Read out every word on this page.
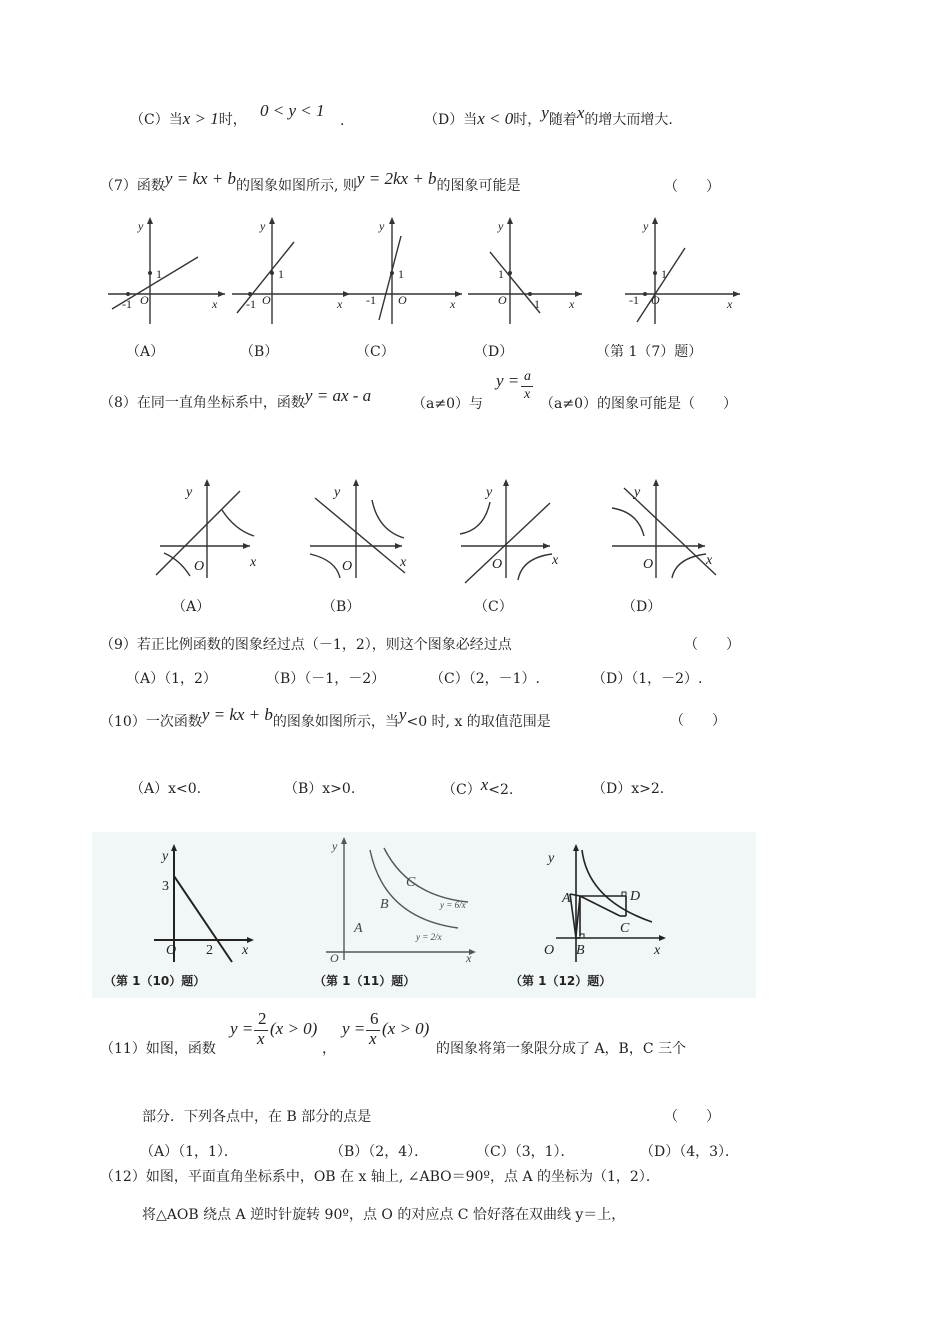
（C）当x > 1时， 0 < y < 1
.	（D）当x < 0时，y随着x的增大而增大.
（7）函数y = kx + b的图象如图所示, 则y = 2kx + b的图象可能是	（　　）
y
x
y
x
y
x
y
x
y
x
1
-1 O
1
-1 O
1
-1 O
1
1
O
1
-1 O
（A）	（B）	（C）	（D）	（第 1（7）题）
（8）在同一直角坐标系中，函数y = ax - a	（a≠0）与
y = a
x
（a≠0）的图象可能是（　　）
y
x
O
y
x
O
y
x
O
y
x
O
（A）	（B）	（C）	（D）
（9）若正比例函数的图象经过点（－1，2），则这个图象必经过点	（　　）
（A）（1，2）	（B）（－1，－2）	（C）（2，－1）.	（D）（1，－2）.
（10）一次函数y = kx + b的图象如图所示，当y<0 时, x 的取值范围是	（　　）
（A）x<0.	（B）x>0.	（C）x<2.	（D）x>2.
y
x
O
3
2
（第 1（10）题）
y
x
O
A
B
C
y = 6/x
y = 2/x
（第 1（11）题）
y
x
O
A
B
C
D
（第 1（12）题）
（11）如图，函数
y =
2
x
(x > 0)
，
y =
6
x
(x > 0)
的图象将第一象限分成了 A，B，C 三个
部分．下列各点中，在 B 部分的点是	（　　）
（A）（1，1）．	（B）（2，4）．	（C）（3，1）．	（D）（4，3）．
（12）如图，平面直角坐标系中，OB 在 x 轴上, ∠ABO＝90º，点 A 的坐标为（1，2）．
将△AOB 绕点 A 逆时针旋转 90º，点 O 的对应点 C 恰好落在双曲线 y＝上，
